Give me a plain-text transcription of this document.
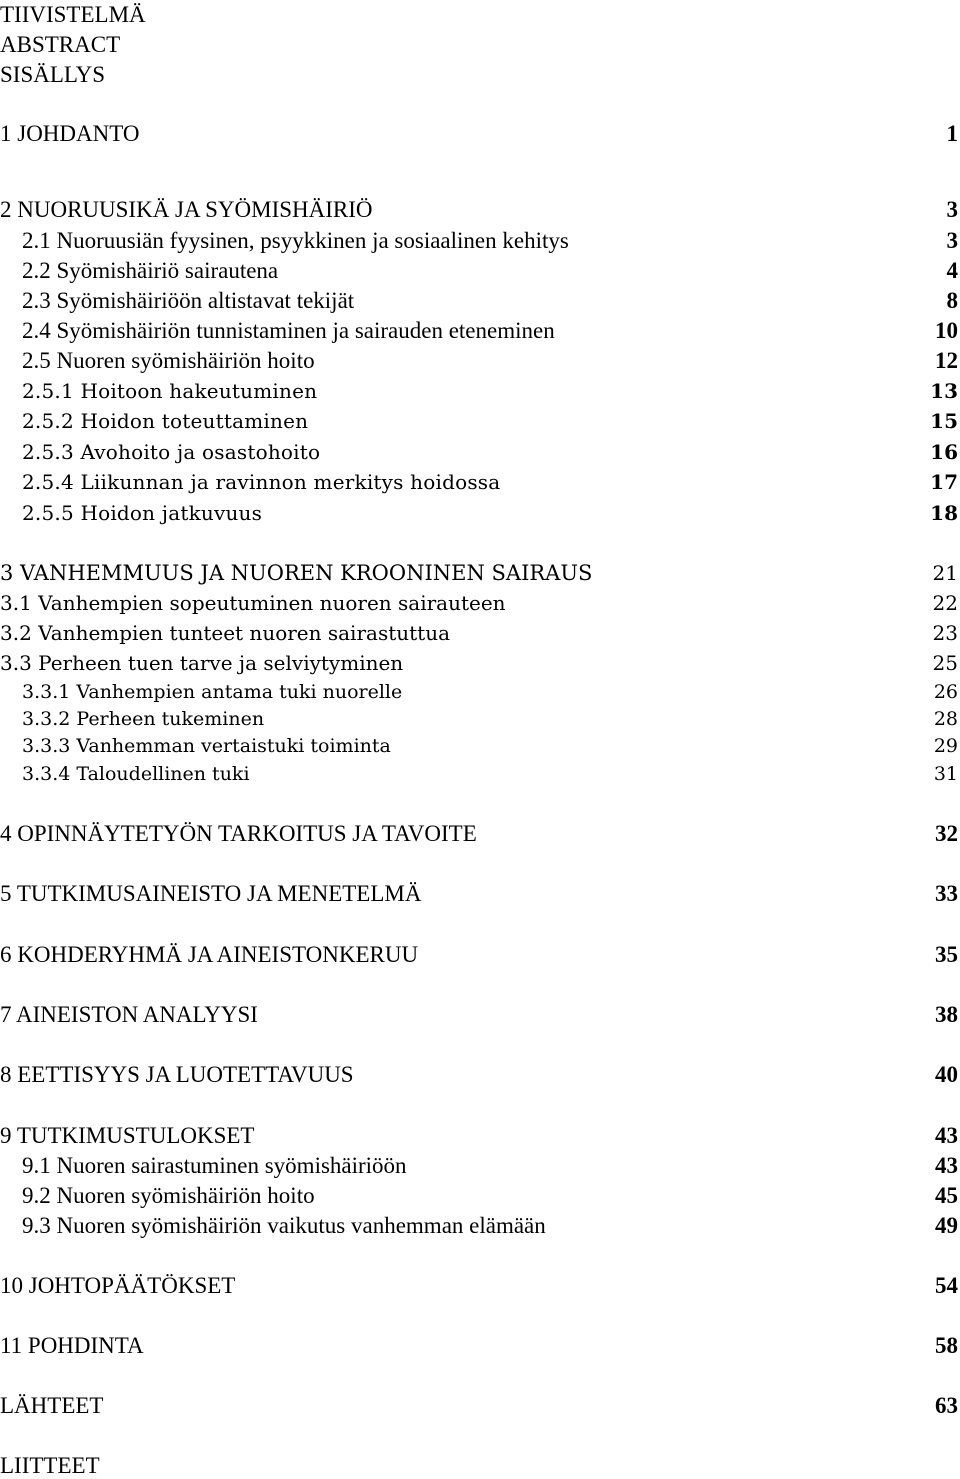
TIIVISTELMÄ
ABSTRACT
SISÄLLYS
1 JOHDANTO	1
2 NUORUUSIKÄ JA SYÖMISHÄIRIÖ	3
2.1 Nuoruusiän fyysinen, psyykkinen ja sosiaalinen kehitys	3
2.2 Syömishäiriö sairautena	4
2.3 Syömishäiriöön altistavat tekijät	8
2.4 Syömishäiriön tunnistaminen ja sairauden eteneminen	10
2.5 Nuoren syömishäiriön hoito	12
2.5.1 Hoitoon hakeutuminen	13
2.5.2 Hoidon toteuttaminen	15
2.5.3 Avohoito ja osastohoito	16
2.5.4 Liikunnan ja ravinnon merkitys hoidossa	17
2.5.5 Hoidon jatkuvuus	18
3 VANHEMMUUS JA NUOREN KROONINEN SAIRAUS	21
3.1 Vanhempien sopeutuminen nuoren sairauteen	22
3.2 Vanhempien tunteet nuoren sairastuttua	23
3.3 Perheen tuen tarve ja selviytyminen	25
3.3.1 Vanhempien antama tuki nuorelle	26
3.3.2 Perheen tukeminen	28
3.3.3 Vanhemman vertaistuki toiminta	29
3.3.4 Taloudellinen tuki	31
4 OPINNÄYTETYÖN TARKOITUS JA TAVOITE	32
5 TUTKIMUSAINEISTO JA MENETELMÄ	33
6 KOHDERYHMÄ JA AINEISTONKERUU	35
7 AINEISTON ANALYYSI	38
8 EETTISYYS JA LUOTETTAVUUS	40
9 TUTKIMUSTULOKSET	43
9.1 Nuoren sairastuminen syömishäiriöön	43
9.2 Nuoren syömishäiriön hoito	45
9.3 Nuoren syömishäiriön vaikutus vanhemman elämään	49
10 JOHTOPÄÄTÖKSET	54
11 POHDINTA	58
LÄHTEET	63
LIITTEET
